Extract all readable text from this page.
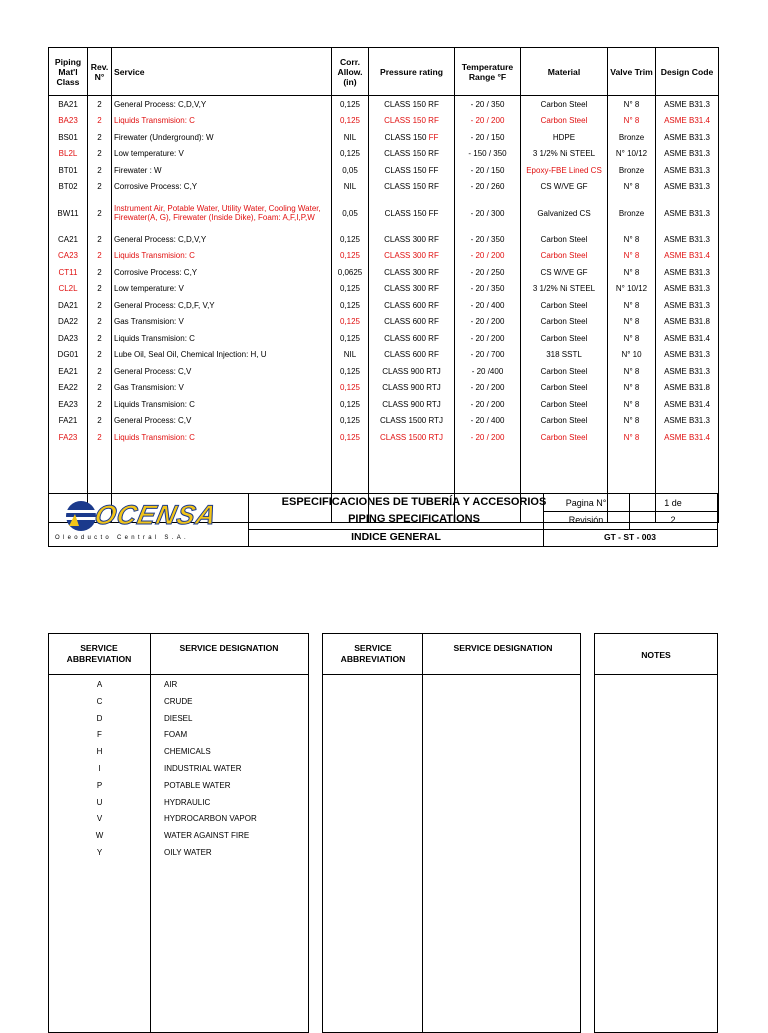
Piping Mat'l Class	Rev. N°	Service	Corr. Allow. (in)	Pressure rating	Temperature Range °F	Material	Valve Trim	Design Code
BA21	2	General Process: C,D,V,Y	0,125	CLASS 150 RF	- 20 / 350	Carbon Steel	N° 8	ASME B31.3
BA23	2	Liquids Transmision: C	0,125	CLASS 150 RF	- 20 / 200	Carbon Steel	N° 8	ASME B31.4
BS01	2	Firewater (Underground): W	NIL	CLASS 150 FF	- 20 / 150	HDPE	Bronze	ASME B31.3
BL2L	2	Low temperature: V	0,125	CLASS 150 RF	- 150 / 350	3 1/2% Ni STEEL	N° 10/12	ASME B31.3
BT01	2	Firewater : W	0,05	CLASS 150 FF	- 20 / 150	Epoxy-FBE Lined CS	Bronze	ASME B31.3
BT02	2	Corrosive Process: C,Y	NIL	CLASS 150 RF	- 20 / 260	CS W/VE GF	N° 8	ASME B31.3
BW11	2	Instrument Air, Potable Water, Utility Water, Cooling Water, Firewater(A, G), Firewater (Inside Dike), Foam: A,F,I,P,W	0,05	CLASS 150 FF	- 20 / 300	Galvanized CS	Bronze	ASME B31.3
CA21	2	General Process: C,D,V,Y	0,125	CLASS 300 RF	- 20 / 350	Carbon Steel	N° 8	ASME B31.3
CA23	2	Liquids Transmision: C	0,125	CLASS 300 RF	- 20 / 200	Carbon Steel	N° 8	ASME B31.4
CT11	2	Corrosive Process: C,Y	0,0625	CLASS 300 RF	- 20 / 250	CS W/VE GF	N° 8	ASME B31.3
CL2L	2	Low temperature: V	0,125	CLASS 300 RF	- 20 / 350	3 1/2% Ni STEEL	N° 10/12	ASME B31.3
DA21	2	General Process: C,D,F, V,Y	0,125	CLASS 600 RF	- 20 / 400	Carbon Steel	N° 8	ASME B31.3
DA22	2	Gas Transmision: V	0,125	CLASS 600 RF	- 20 / 200	Carbon Steel	N° 8	ASME B31.8
DA23	2	Liquids Transmision: C	0,125	CLASS 600 RF	- 20 / 200	Carbon Steel	N° 8	ASME B31.4
DG01	2	Lube Oil, Seal Oil, Chemical Injection: H, U	NIL	CLASS 600 RF	- 20 / 700	318 SSTL	N° 10	ASME B31.3
EA21	2	General Process: C,V	0,125	CLASS 900 RTJ	- 20 /400	Carbon Steel	N° 8	ASME B31.3
EA22	2	Gas Transmision: V	0,125	CLASS 900 RTJ	- 20 / 200	Carbon Steel	N° 8	ASME B31.8
EA23	2	Liquids Transmision: C	0,125	CLASS 900 RTJ	- 20 / 200	Carbon Steel	N° 8	ASME B31.4
FA21	2	General Process: C,V	0,125	CLASS 1500 RTJ	- 20 / 400	Carbon Steel	N° 8	ASME B31.3
FA23	2	Liquids Transmision: C	0,125	CLASS 1500 RTJ	- 20 / 200	Carbon Steel	N° 8	ASME B31.4

OCENSA
Oleoducto Central S.A.
ESPECIFICACIONES DE TUBERÍA Y ACCESORIOS
PIPING SPECIFICATIONS
INDICE GENERAL
Pagina N°	1 de
Revisión	2
GT - ST - 003
SERVICE ABBREVIATION
SERVICE DESIGNATION
A	AIR
C	CRUDE
D	DIESEL
F	FOAM
H	CHEMICALS
I	INDUSTRIAL WATER
P	POTABLE WATER
U	HYDRAULIC
V	HYDROCARBON VAPOR
W	WATER AGAINST FIRE
Y	OILY WATER
SERVICE ABBREVIATION
SERVICE DESIGNATION
NOTES
